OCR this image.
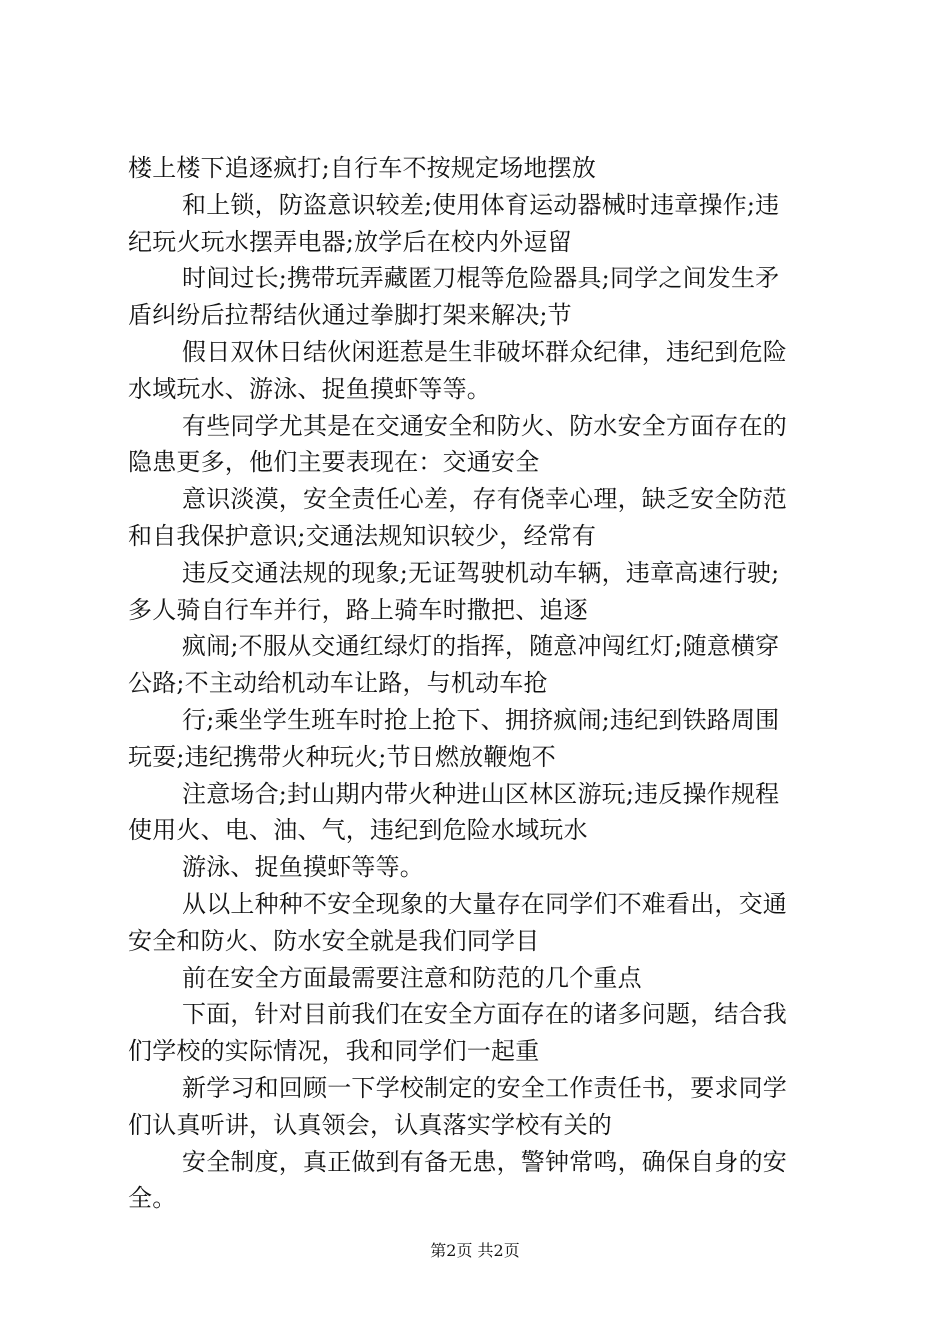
楼上楼下追逐疯打;自行车不按规定场地摆放
和上锁，防盗意识较差;使用体育运动器械时违章操作;违
纪玩火玩水摆弄电器;放学后在校内外逗留
时间过长;携带玩弄藏匿刀棍等危险器具;同学之间发生矛
盾纠纷后拉帮结伙通过拳脚打架来解决;节
假日双休日结伙闲逛惹是生非破坏群众纪律，违纪到危险
水域玩水、游泳、捉鱼摸虾等等。
有些同学尤其是在交通安全和防火、防水安全方面存在的
隐患更多，他们主要表现在：交通安全
意识淡漠，安全责任心差，存有侥幸心理，缺乏安全防范
和自我保护意识;交通法规知识较少，经常有
违反交通法规的现象;无证驾驶机动车辆，违章高速行驶;
多人骑自行车并行，路上骑车时撒把、追逐
疯闹;不服从交通红绿灯的指挥，随意冲闯红灯;随意横穿
公路;不主动给机动车让路，与机动车抢
行;乘坐学生班车时抢上抢下、拥挤疯闹;违纪到铁路周围
玩耍;违纪携带火种玩火;节日燃放鞭炮不
注意场合;封山期内带火种进山区林区游玩;违反操作规程
使用火、电、油、气，违纪到危险水域玩水
游泳、捉鱼摸虾等等。
从以上种种不安全现象的大量存在同学们不难看出，交通
安全和防火、防水安全就是我们同学目
前在安全方面最需要注意和防范的几个重点
下面，针对目前我们在安全方面存在的诸多问题，结合我
们学校的实际情况，我和同学们一起重
新学习和回顾一下学校制定的安全工作责任书，要求同学
们认真听讲，认真领会，认真落实学校有关的
安全制度，真正做到有备无患，警钟常鸣，确保自身的安
全。
第2页 共2页
